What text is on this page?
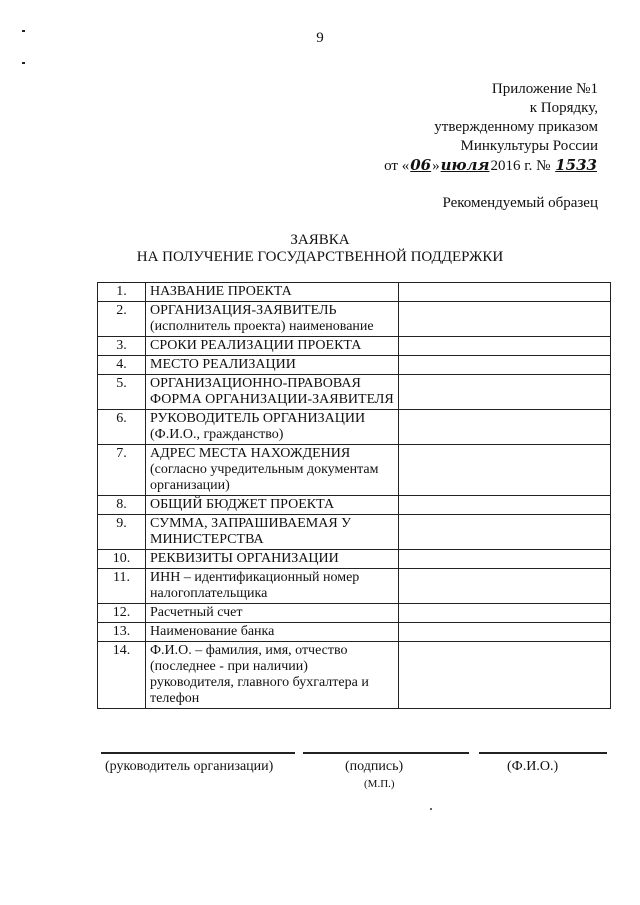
9
Приложение №1
к Порядку,
утвержденному приказом
Минкультуры России
от «06»июля2016 г. № 1533
Рекомендуемый образец
ЗАЯВКА
НА ПОЛУЧЕНИЕ ГОСУДАРСТВЕННОЙ ПОДДЕРЖКИ
1.	НАЗВАНИЕ ПРОЕКТА	

2.	ОРГАНИЗАЦИЯ-ЗАЯВИТЕЛЬ
(исполнитель проекта) наименование	

3.	СРОКИ РЕАЛИЗАЦИИ ПРОЕКТА	

4.	МЕСТО РЕАЛИЗАЦИИ	

5.	ОРГАНИЗАЦИОННО-ПРАВОВАЯ ФОРМА ОРГАНИЗАЦИИ-ЗАЯВИТЕЛЯ	

6.	РУКОВОДИТЕЛЬ ОРГАНИЗАЦИИ
(Ф.И.О., гражданство)	

7.	АДРЕС МЕСТА НАХОЖДЕНИЯ
(согласно учредительным документам организации)	

8.	ОБЩИЙ БЮДЖЕТ ПРОЕКТА	

9.	СУММА, ЗАПРАШИВАЕМАЯ У МИНИСТЕРСТВА	

10.	РЕКВИЗИТЫ ОРГАНИЗАЦИИ	

11.	ИНН – идентификационный номер налогоплательщика	

12.	Расчетный счет	

13.	Наименование банка	

14.	Ф.И.О. – фамилия, имя, отчество (последнее - при наличии) руководителя, главного бухгалтера и телефон	

(руководитель организации)	(подпись)
(М.П.)
(Ф.И.О.)
